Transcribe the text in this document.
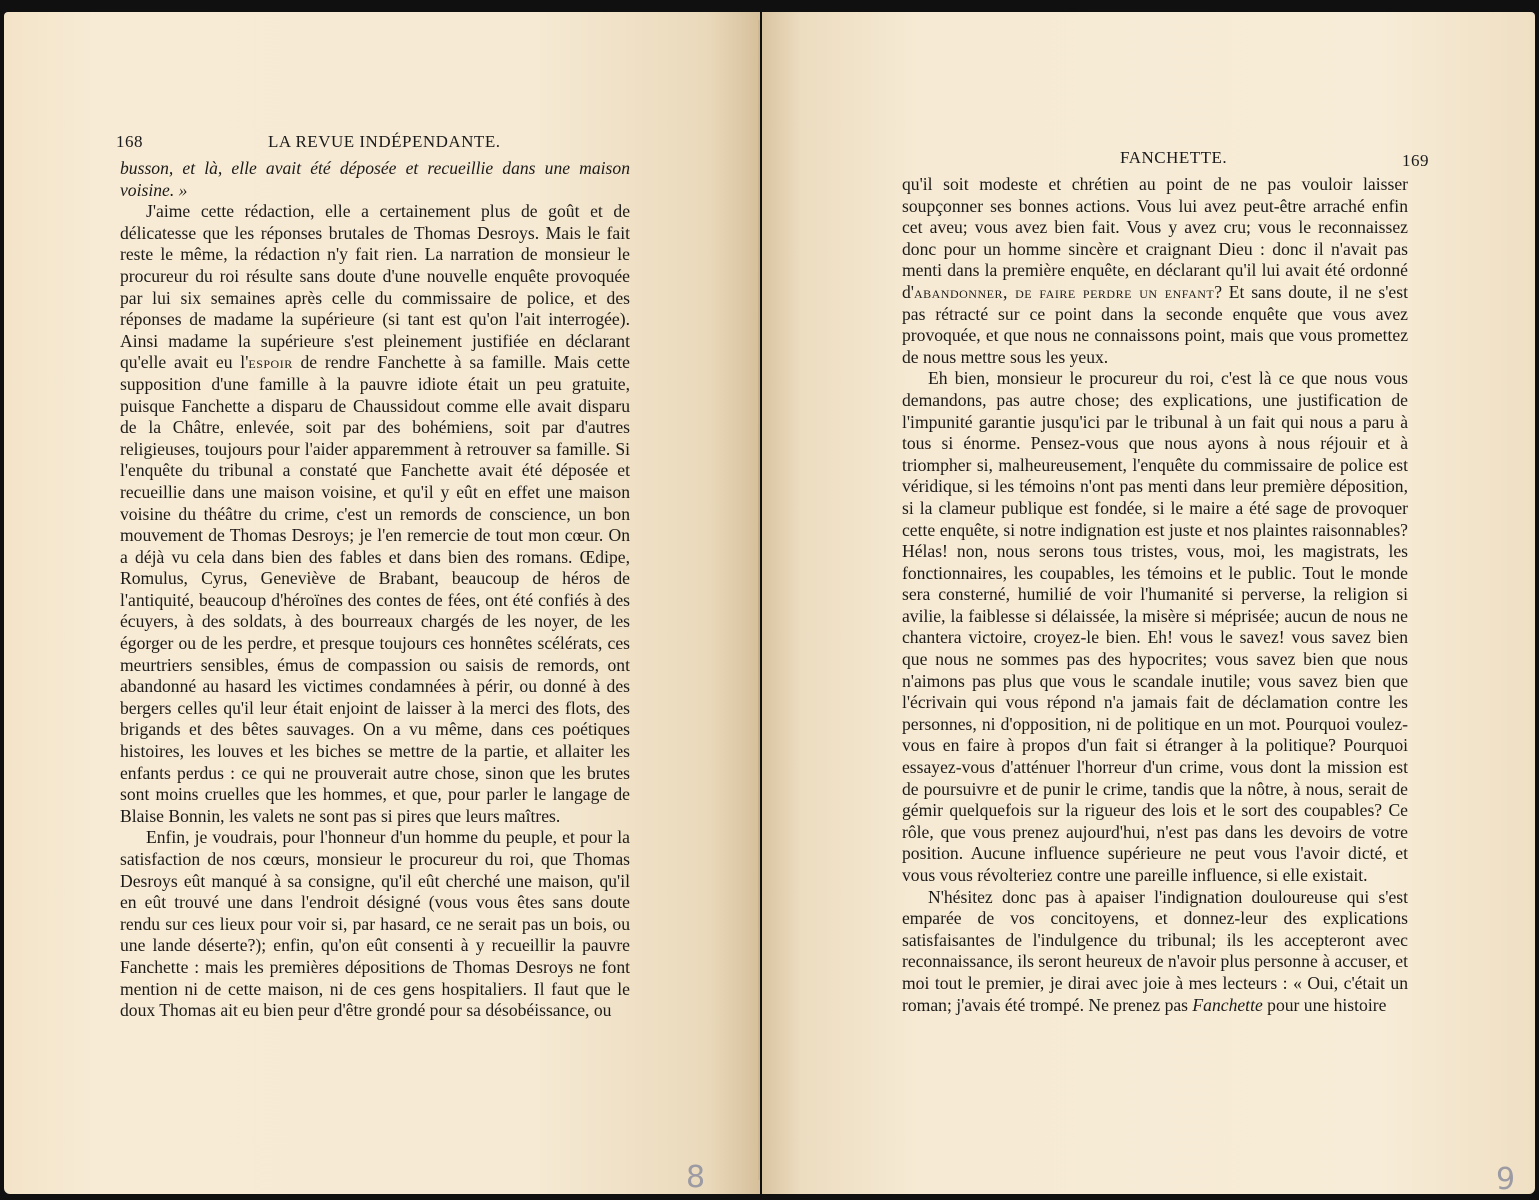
168	LA REVUE INDÉPENDANTE.

busson, et là, elle avait été déposée et recueillie dans une maison voisine. »

J'aime cette rédaction, elle a certainement plus de goût et de délicatesse que les réponses brutales de Thomas Desroys. Mais le fait reste le même, la rédaction n'y fait rien. La narration de monsieur le procureur du roi résulte sans doute d'une nouvelle enquête provoquée par lui six semaines après celle du commissaire de police, et des réponses de madame la supérieure (si tant est qu'on l'ait interrogée). Ainsi madame la supérieure s'est pleinement justifiée en déclarant qu'elle avait eu l'espoir de rendre Fanchette à sa famille. Mais cette supposition d'une famille à la pauvre idiote était un peu gratuite, puisque Fanchette a disparu de Chaussidout comme elle avait disparu de la Châtre, enlevée, soit par des bohémiens, soit par d'autres religieuses, toujours pour l'aider apparemment à retrouver sa famille. Si l'enquête du tribunal a constaté que Fanchette avait été déposée et recueillie dans une maison voisine, et qu'il y eût en effet une maison voisine du théâtre du crime, c'est un remords de conscience, un bon mouvement de Thomas Desroys; je l'en remercie de tout mon cœur. On a déjà vu cela dans bien des fables et dans bien des romans. Œdipe, Romulus, Cyrus, Geneviève de Brabant, beaucoup de héros de l'antiquité, beaucoup d'héroïnes des contes de fées, ont été confiés à des écuyers, à des soldats, à des bourreaux chargés de les noyer, de les égorger ou de les perdre, et presque toujours ces honnêtes scélérats, ces meurtriers sensibles, émus de compassion ou saisis de remords, ont abandonné au hasard les victimes condamnées à périr, ou donné à des bergers celles qu'il leur était enjoint de laisser à la merci des flots, des brigands et des bêtes sauvages. On a vu même, dans ces poétiques histoires, les louves et les biches se mettre de la partie, et allaiter les enfants perdus : ce qui ne prouverait autre chose, sinon que les brutes sont moins cruelles que les hommes, et que, pour parler le langage de Blaise Bonnin, les valets ne sont pas si pires que leurs maîtres.

Enfin, je voudrais, pour l'honneur d'un homme du peuple, et pour la satisfaction de nos cœurs, monsieur le procureur du roi, que Thomas Desroys eût manqué à sa consigne, qu'il eût cherché une maison, qu'il en eût trouvé une dans l'endroit désigné (vous vous êtes sans doute rendu sur ces lieux pour voir si, par hasard, ce ne serait pas un bois, ou une lande déserte?); enfin, qu'on eût consenti à y recueillir la pauvre Fanchette : mais les premières dépositions de Thomas Desroys ne font mention ni de cette maison, ni de ces gens hospitaliers. Il faut que le doux Thomas ait eu bien peur d'être grondé pour sa désobéissance, ou

8
FANCHETTE.	169

qu'il soit modeste et chrétien au point de ne pas vouloir laisser soupçonner ses bonnes actions. Vous lui avez peut-être arraché enfin cet aveu; vous avez bien fait. Vous y avez cru; vous le reconnaissez donc pour un homme sincère et craignant Dieu : donc il n'avait pas menti dans la première enquête, en déclarant qu'il lui avait été ordonné d'abandonner, de faire perdre un enfant? Et sans doute, il ne s'est pas rétracté sur ce point dans la seconde enquête que vous avez provoquée, et que nous ne connaissons point, mais que vous promettez de nous mettre sous les yeux.

Eh bien, monsieur le procureur du roi, c'est là ce que nous vous demandons, pas autre chose; des explications, une justification de l'impunité garantie jusqu'ici par le tribunal à un fait qui nous a paru à tous si énorme. Pensez-vous que nous ayons à nous réjouir et à triompher si, malheureusement, l'enquête du commissaire de police est véridique, si les témoins n'ont pas menti dans leur première déposition, si la clameur publique est fondée, si le maire a été sage de provoquer cette enquête, si notre indignation est juste et nos plaintes raisonnables? Hélas! non, nous serons tous tristes, vous, moi, les magistrats, les fonctionnaires, les coupables, les témoins et le public. Tout le monde sera consterné, humilié de voir l'humanité si perverse, la religion si avilie, la faiblesse si délaissée, la misère si méprisée; aucun de nous ne chantera victoire, croyez-le bien. Eh! vous le savez! vous savez bien que nous ne sommes pas des hypocrites; vous savez bien que nous n'aimons pas plus que vous le scandale inutile; vous savez bien que l'écrivain qui vous répond n'a jamais fait de déclamation contre les personnes, ni d'opposition, ni de politique en un mot. Pourquoi voulez-vous en faire à propos d'un fait si étranger à la politique? Pourquoi essayez-vous d'atténuer l'horreur d'un crime, vous dont la mission est de poursuivre et de punir le crime, tandis que la nôtre, à nous, serait de gémir quelquefois sur la rigueur des lois et le sort des coupables? Ce rôle, que vous prenez aujourd'hui, n'est pas dans les devoirs de votre position. Aucune influence supérieure ne peut vous l'avoir dicté, et vous vous révolteriez contre une pareille influence, si elle existait.

N'hésitez donc pas à apaiser l'indignation douloureuse qui s'est emparée de vos concitoyens, et donnez-leur des explications satisfaisantes de l'indulgence du tribunal; ils les accepteront avec reconnaissance, ils seront heureux de n'avoir plus personne à accuser, et moi tout le premier, je dirai avec joie à mes lecteurs : « Oui, c'était un roman; j'avais été trompé. Ne prenez pas Fanchette pour une histoire

9
